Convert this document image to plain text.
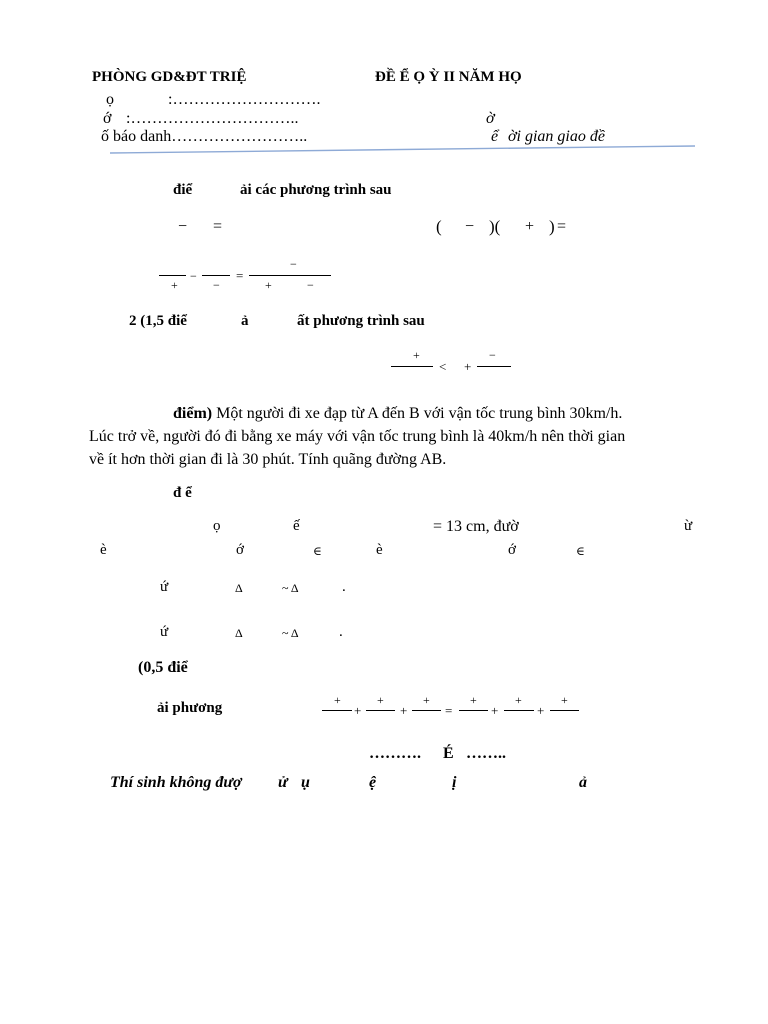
PHÒNG GD&ĐT TRIỆ	ĐỀ Ể Ọ Ỳ II NĂM HỌ
ọ	:……………………….
ớ :…………………………..	ờ
ố báo danh……………………..	ể ời gian giao đề
điể	ải các phương trình sau
− =	( − )( + ) =
−	=
−
+	−	+	−
2 (1,5 điể	ả	ất phương trình sau
+
< +
−
điểm) Một người đi xe đạp từ A đến B với vận tốc trung bình 30km/h.
Lúc trở về, người đó đi bằng xe máy với vận tốc trung bình là 40km/h nên thời gian
về ít hơn thời gian đi là 30 phút. Tính quãng đường AB.
đ ể
ọ	ế	= 13 cm, đườ	ừ
è	ớ	∈	è	ớ	∈
ứ	Δ	~ Δ	.
ứ	Δ	~ Δ	.
(0,5 điể
ải phương	+	+	+	+	+	+
+	+	=	+	+
………. É ……..
Thí sinh không đượ ử ụ	ệ	ị	ả
